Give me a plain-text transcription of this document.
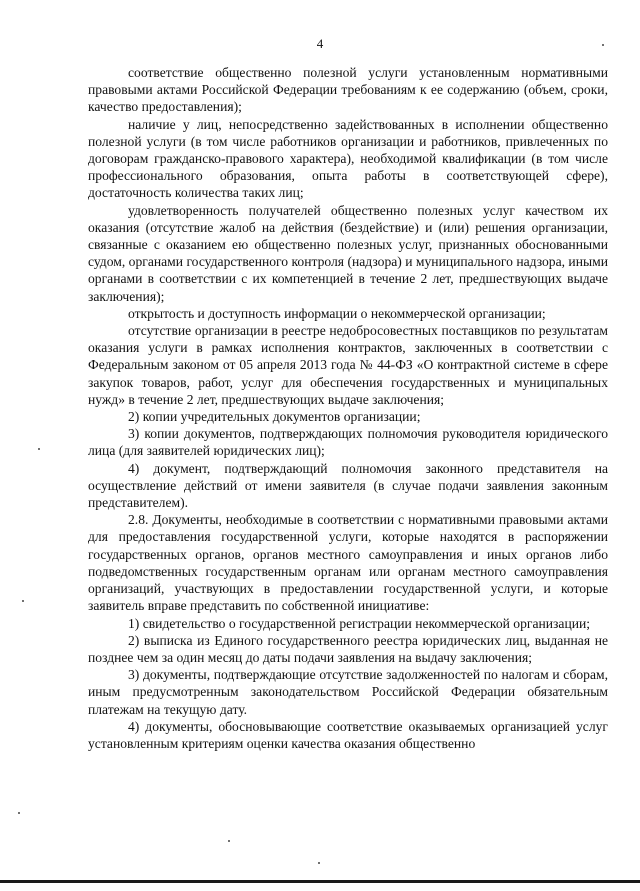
4

соответствие общественно полезной услуги установленным нормативными правовыми актами Российской Федерации требованиям к ее содержанию (объем, сроки, качество предоставления);

наличие у лиц, непосредственно задействованных в исполнении общественно полезной услуги (в том числе работников организации и работников, привлеченных по договорам гражданско-правового характера), необходимой квалификации (в том числе профессионального образования, опыта работы в соответствующей сфере), достаточность количества таких лиц;

удовлетворенность получателей общественно полезных услуг качеством их оказания (отсутствие жалоб на действия (бездействие) и (или) решения организации, связанные с оказанием ею общественно полезных услуг, признанных обоснованными судом, органами государственного контроля (надзора) и муниципального надзора, иными органами в соответствии с их компетенцией в течение 2 лет, предшествующих выдаче заключения);

открытость и доступность информации о некоммерческой организации;

отсутствие организации в реестре недобросовестных поставщиков по результатам оказания услуги в рамках исполнения контрактов, заключенных в соответствии с Федеральным законом от 05 апреля 2013 года № 44-ФЗ «О контрактной системе в сфере закупок товаров, работ, услуг для обеспечения государственных и муниципальных нужд» в течение 2 лет, предшествующих выдаче заключения;

2) копии учредительных документов организации;

3) копии документов, подтверждающих полномочия руководителя юридического лица (для заявителей юридических лиц);

4) документ, подтверждающий полномочия законного представителя на осуществление действий от имени заявителя (в случае подачи заявления законным представителем).

2.8. Документы, необходимые в соответствии с нормативными правовыми актами для предоставления государственной услуги, которые находятся в распоряжении государственных органов, органов местного самоуправления и иных органов либо подведомственных государственным органам или органам местного самоуправления организаций, участвующих в предоставлении государственной услуги, и которые заявитель вправе представить по собственной инициативе:

1) свидетельство о государственной регистрации некоммерческой организации;

2) выписка из Единого государственного реестра юридических лиц, выданная не позднее чем за один месяц до даты подачи заявления на выдачу заключения;

3) документы, подтверждающие отсутствие задолженностей по налогам и сборам, иным предусмотренным законодательством Российской Федерации обязательным платежам на текущую дату.

4) документы, обосновывающие соответствие оказываемых организацией услуг установленным критериям оценки качества оказания общественно
